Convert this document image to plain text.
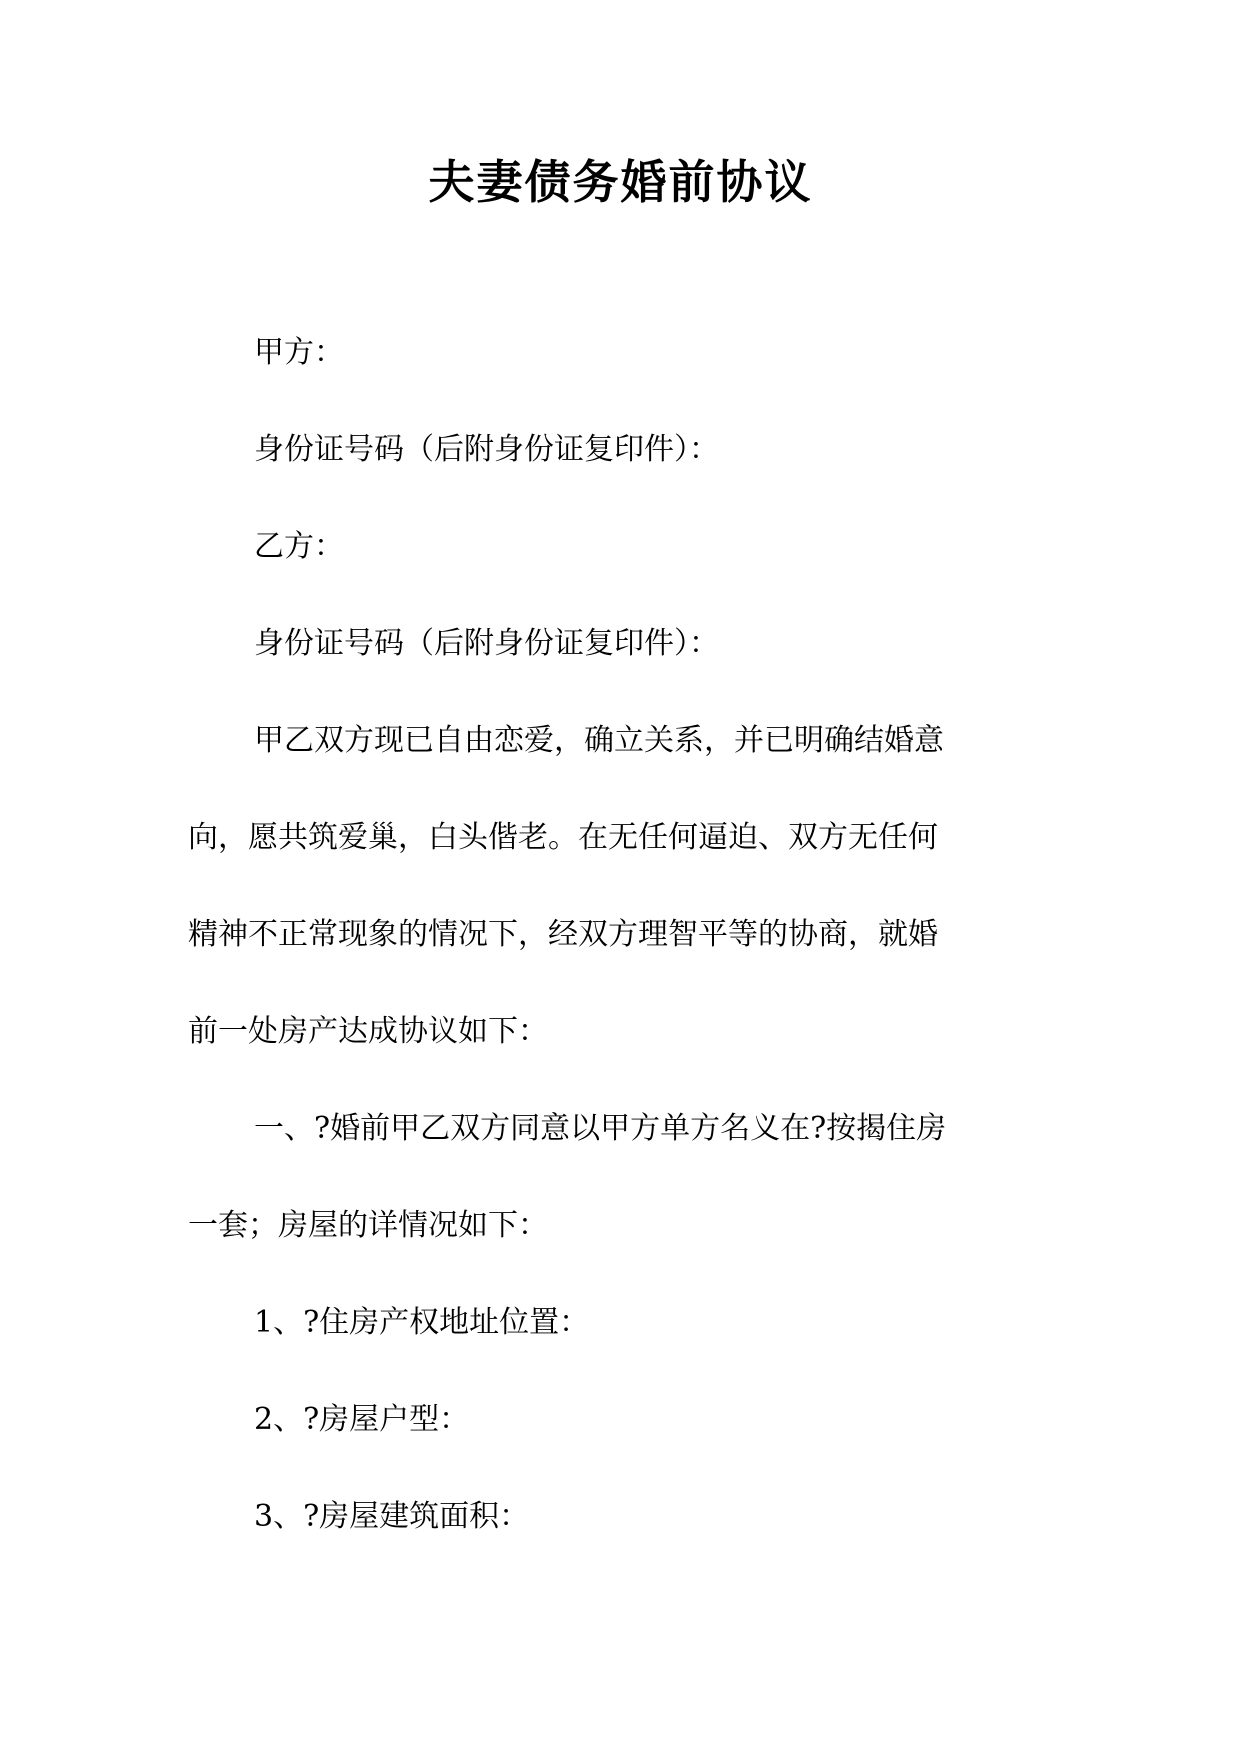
夫妻债务婚前协议
甲方：
身份证号码（后附身份证复印件）：
乙方：
身份证号码（后附身份证复印件）：
甲乙双方现已自由恋爱，确立关系，并已明确结婚意
向，愿共筑爱巢，白头偕老。在无任何逼迫、双方无任何
精神不正常现象的情况下，经双方理智平等的协商，就婚
前一处房产达成协议如下：
一、?婚前甲乙双方同意以甲方单方名义在?按揭住房
一套；房屋的详情况如下：
1、?住房产权地址位置：
2、?房屋户型：
3、?房屋建筑面积：
